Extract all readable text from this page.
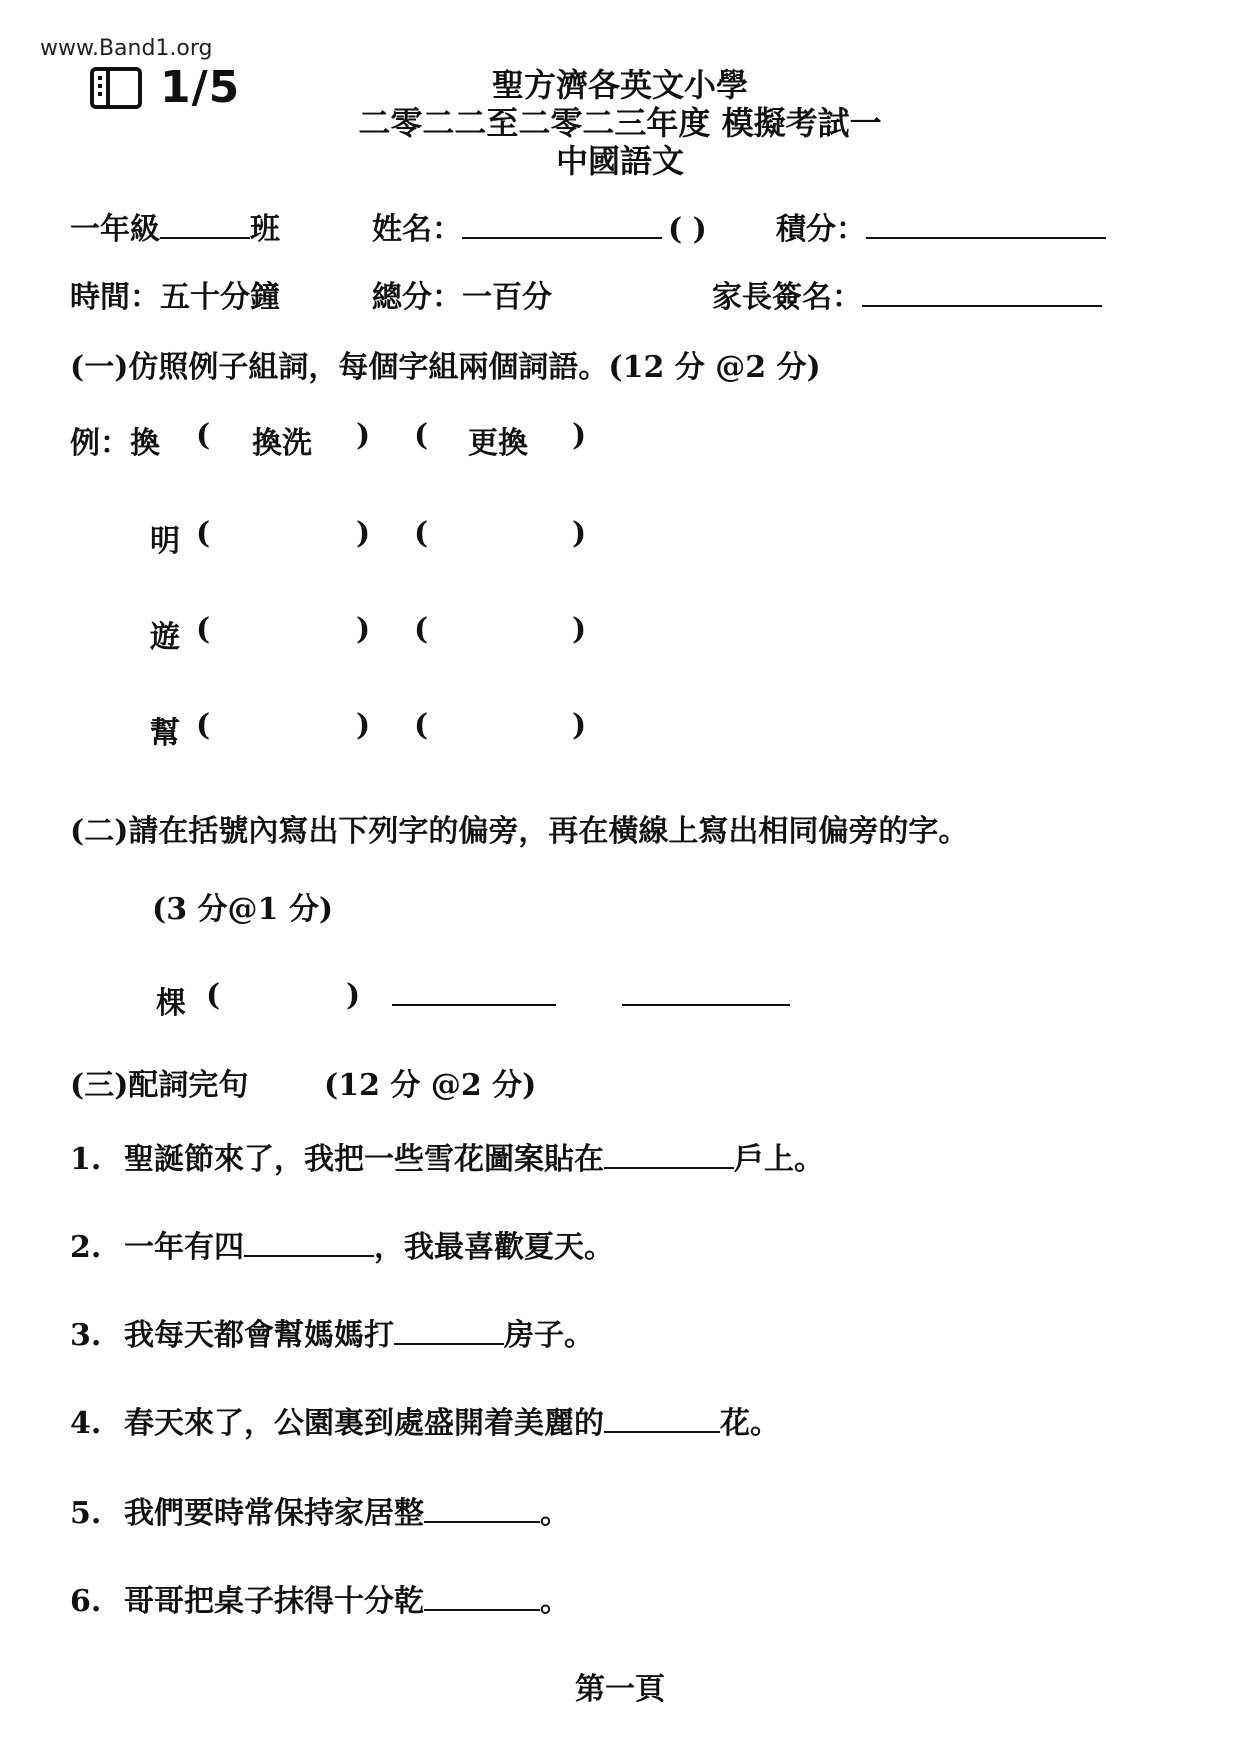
www.Band1.org
1/5	聖方濟各英文小學
二零二二至二零二三年度 模擬考試一
中國語文
一年級	班	姓名：	( ) 積分：
時間：五十分鐘	總分：一百分	家長簽名：
(一)仿照例子組詞，每個字組兩個詞語。(12 分 @2 分)
例：換 ( 換洗 ) ( 更換 )
明 (	) (	)
遊 (	) (	)
幫 (	) (	)
(二)請在括號內寫出下列字的偏旁，再在橫線上寫出相同偏旁的字。
(3 分@1 分)
棵 (	)
(三)配詞完句	(12 分 @2 分)
1. 聖誕節來了，我把一些雪花圖案貼在	戶上。
2. 一年有四	，我最喜歡夏天。
3. 我每天都會幫媽媽打	房子。
4. 春天來了，公園裏到處盛開着美麗的	花。
5. 我們要時常保持家居整	。
6. 哥哥把桌子抹得十分乾	。
第一頁
